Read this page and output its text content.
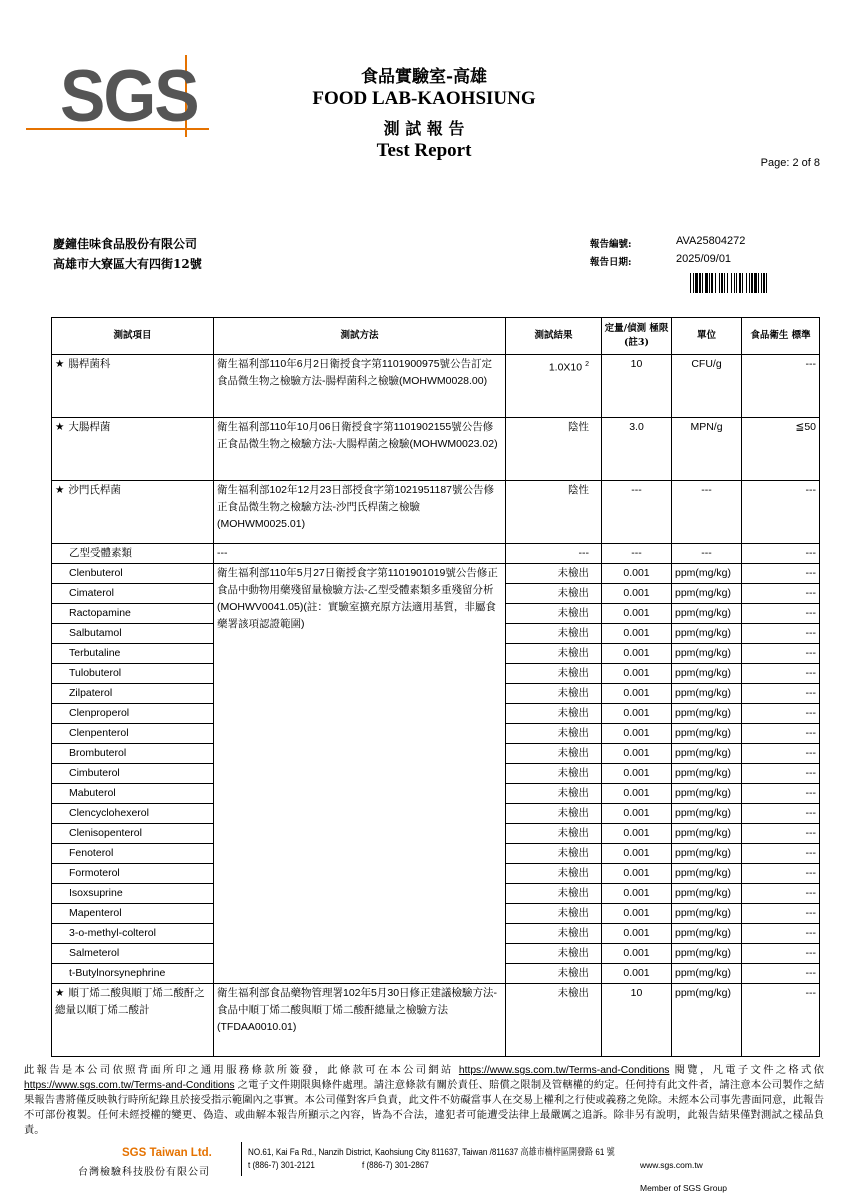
SGS	食品實驗室-高雄
FOOD LAB-KAOHSIUNG
測 試 報 告
Test Report
Page: 2 of 8
慶鐘佳味食品股份有限公司
高雄市大寮區大有四街12號
報告編號:	AVA25804272
報告日期:	2025/09/01
測試項目	測試方法	測試結果	定量/偵測 極限(註3)	單位	食品衛生 標準
★ 腸桿菌科	衛生福利部110年6月2日衛授食字第1101900975號公告訂定食品微生物之檢驗方法-腸桿菌科之檢驗(MOHWM0028.00)	1.0X10 $^2$	10	CFU/g	---
★ 大腸桿菌	衛生福利部110年10月06日衛授食字第1101902155號公告修正食品微生物之檢驗方法-大腸桿菌之檢驗(MOHWM0023.02)	陰性	3.0	MPN/g	≦50
★ 沙門氏桿菌	衛生福利部102年12月23日部授食字第1021951187號公告修正食品微生物之檢驗方法-沙門氏桿菌之檢驗(MOHWM0025.01)	陰性	---	---	---
乙型受體素類	---	---	---	---	---
Clenbuterol	衛生福利部110年5月27日衛授食字第1101901019號公告修正食品中動物用藥殘留量檢驗方法-乙型受體素類多重殘留分析(MOHWV0041.05)(註：實驗室擴充原方法適用基質，非屬食藥署該項認證範圍)	未檢出	0.001	ppm(mg/kg)	---
Cimaterol		未檢出	0.001	ppm(mg/kg)	---
Ractopamine		未檢出	0.001	ppm(mg/kg)	---
Salbutamol		未檢出	0.001	ppm(mg/kg)	---
Terbutaline		未檢出	0.001	ppm(mg/kg)	---
Tulobuterol		未檢出	0.001	ppm(mg/kg)	---
Zilpaterol		未檢出	0.001	ppm(mg/kg)	---
Clenproperol		未檢出	0.001	ppm(mg/kg)	---
Clenpenterol		未檢出	0.001	ppm(mg/kg)	---
Brombuterol		未檢出	0.001	ppm(mg/kg)	---
Cimbuterol		未檢出	0.001	ppm(mg/kg)	---
Mabuterol		未檢出	0.001	ppm(mg/kg)	---
Clencyclohexerol		未檢出	0.001	ppm(mg/kg)	---
Clenisopenterol		未檢出	0.001	ppm(mg/kg)	---
Fenoterol		未檢出	0.001	ppm(mg/kg)	---
Formoterol		未檢出	0.001	ppm(mg/kg)	---
Isoxsuprine		未檢出	0.001	ppm(mg/kg)	---
Mapenterol		未檢出	0.001	ppm(mg/kg)	---
3-o-methyl-colterol		未檢出	0.001	ppm(mg/kg)	---
Salmeterol		未檢出	0.001	ppm(mg/kg)	---
t-Butylnorsynephrine		未檢出	0.001	ppm(mg/kg)	---
★ 順丁烯二酸與順丁烯二酸酐之總量以順丁烯二酸計	衛生福利部食品藥物管理署102年5月30日修正建議檢驗方法-食品中順丁烯二酸與順丁烯二酸酐總量之檢驗方法(TFDAA0010.01)	未檢出	10	ppm(mg/kg)	---
此報告是本公司依照背面所印之通用服務條款所簽發，此條款可在本公司網站 https://www.sgs.com.tw/Terms-and-Conditions 閱覽，凡電子文件之格式依 https://www.sgs.com.tw/Terms-and-Conditions 之電子文件期限與條件處理。請注意條款有關於責任、賠償之限制及管轄權的約定。任何持有此文件者，請注意本公司製作之結果報告書將僅反映執行時所紀錄且於接受指示範圍內之事實。本公司僅對客戶負責，此文件不妨礙當事人在交易上權利之行使或義務之免除。未經本公司事先書面同意，此報告不可部份複製。任何未經授權的變更、偽造、或曲解本報告所顯示之內容，皆為不合法，違犯者可能遭受法律上最嚴厲之追訴。除非另有說明，此報告結果僅對測試之樣品負責。
SGS Taiwan Ltd.
台灣檢驗科技股份有限公司
NO.61, Kai Fa Rd., Nanzih District, Kaohsiung City 811637, Taiwan /811637 高雄市楠梓區開發路 61 號
t (886-7) 301-2121	f (886-7) 301-2867	www.sgs.com.tw
Member of SGS Group
